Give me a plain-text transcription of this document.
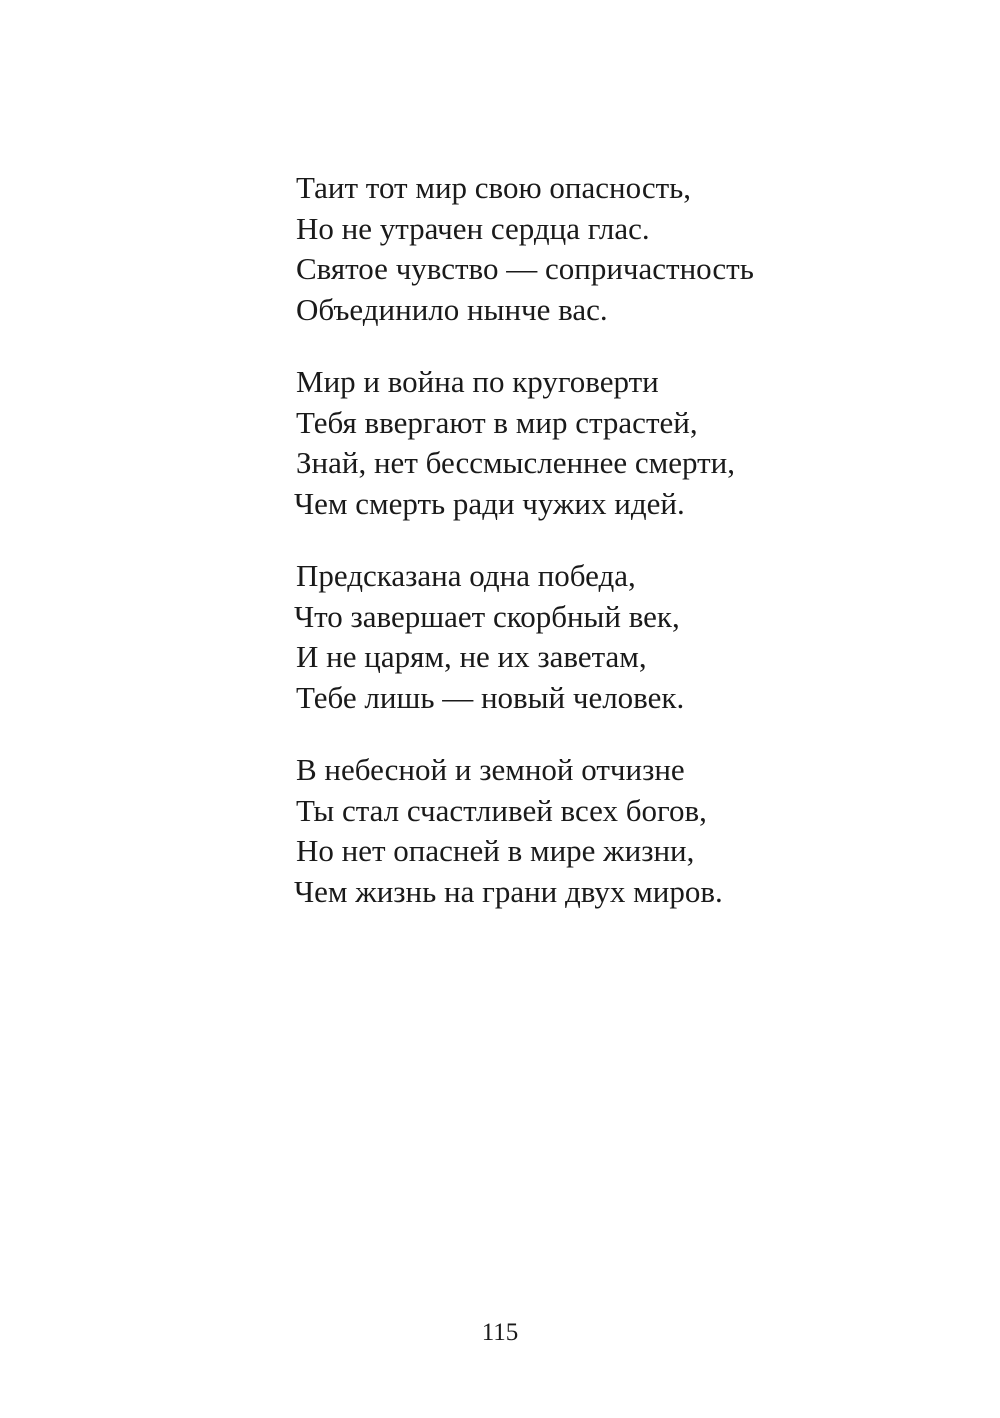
Таит тот мир свою опасность,
Но не утрачен сердца глас.
Святое чувство — сопричастность
Объединило нынче вас.
Мир и война по круговерти
Тебя ввергают в мир страстей,
Знай, нет бессмысленнее смерти,
Чем смерть ради чужих идей.
Предсказана одна победа,
Что завершает скорбный век,
И не царям, не их заветам,
Тебе лишь — новый человек.
В небесной и земной отчизне
Ты стал счастливей всех богов,
Но нет опасней в мире жизни,
Чем жизнь на грани двух миров.
115
